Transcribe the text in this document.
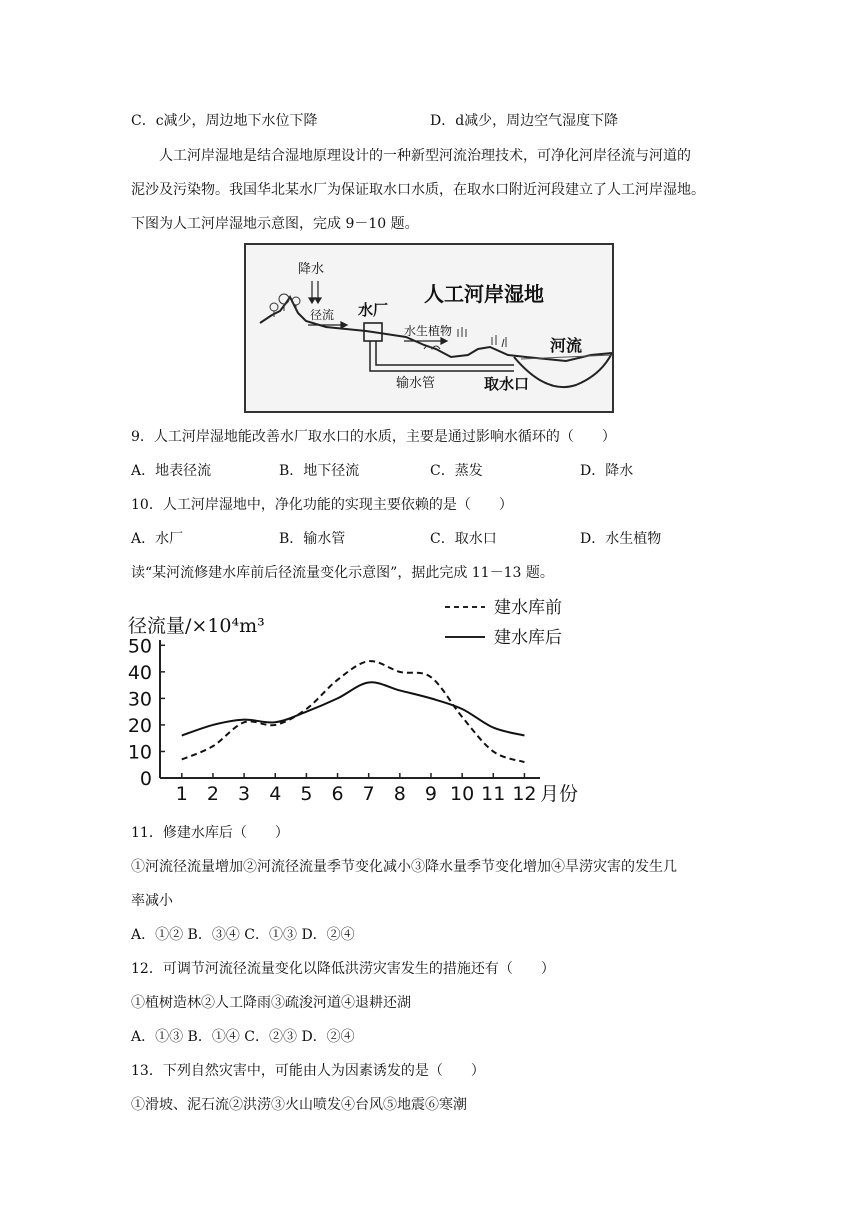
C．c减少，周边地下水位下降	D．d减少，周边空气湿度下降
人工河岸湿地是结合湿地原理设计的一种新型河流治理技术，可净化河岸径流与河道的
泥沙及污染物。我国华北某水厂为保证取水口水质，在取水口附近河段建立了人工河岸湿地。
下图为人工河岸湿地示意图，完成 9－10 题。
降水
径流 水厂
输水管	取水口
水生植物
人工河岸湿地
河流
9．人工河岸湿地能改善水厂取水口的水质，主要是通过影响水循环的（　　）
A．地表径流	B．地下径流	C．蒸发	D．降水
10．人工河岸湿地中，净化功能的实现主要依赖的是（　　）
A．水厂	B．输水管	C．取水口	D．水生植物
读“某河流修建水库前后径流量变化示意图”，据此完成 11－13 题。
径流量/×10⁴m³
月份
建水库前
建水库后
0
10
20
30
40
50
1 2 3 4 5 6 7 8 9 10 11 12
11．修建水库后（　　）
①河流径流量增加②河流径流量季节变化减小③降水量季节变化增加④旱涝灾害的发生几
率减小
A．①② B．③④ C．①③ D．②④
12．可调节河流径流量变化以降低洪涝灾害发生的措施还有（　　）
①植树造林②人工降雨③疏浚河道④退耕还湖
A．①③ B．①④ C．②③ D．②④
13．下列自然灾害中，可能由人为因素诱发的是（　　）
①滑坡、泥石流②洪涝③火山喷发④台风⑤地震⑥寒潮
